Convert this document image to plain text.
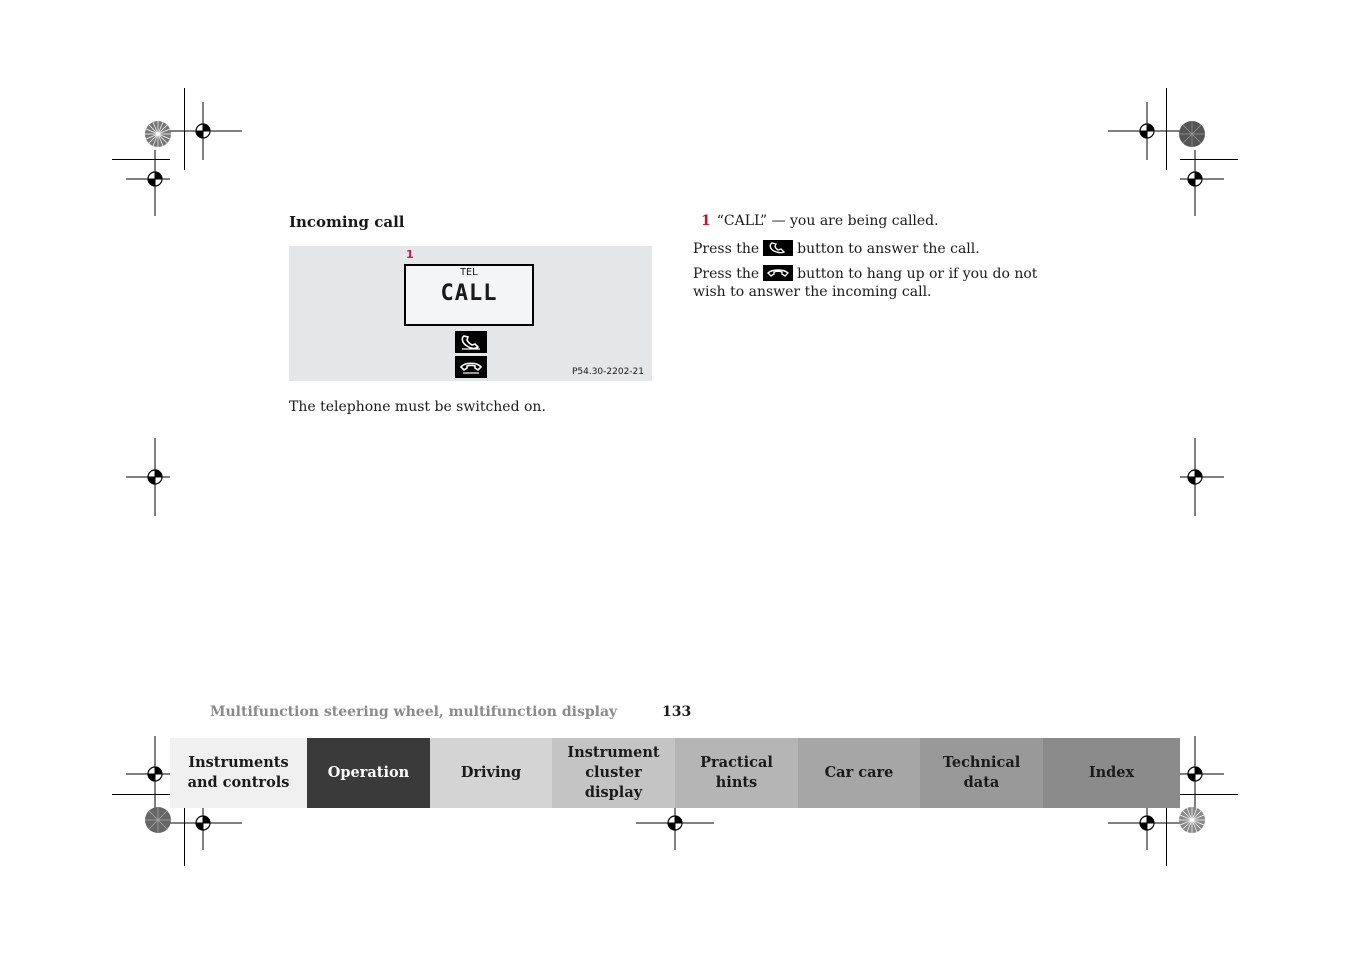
Incoming call
1
TEL
CALL
P54.30-2202-21
The telephone must be switched on.
1 “CALL” — you are being called.
Press the	button to answer the call.
Press the	button to hang up or if you do not wish to answer the incoming call.
Multifunction steering wheel, multifunction display	133
Instruments
and controls
Operation	Driving
Instrument
cluster display
Practical hints
Car care
Technical
data
Index
